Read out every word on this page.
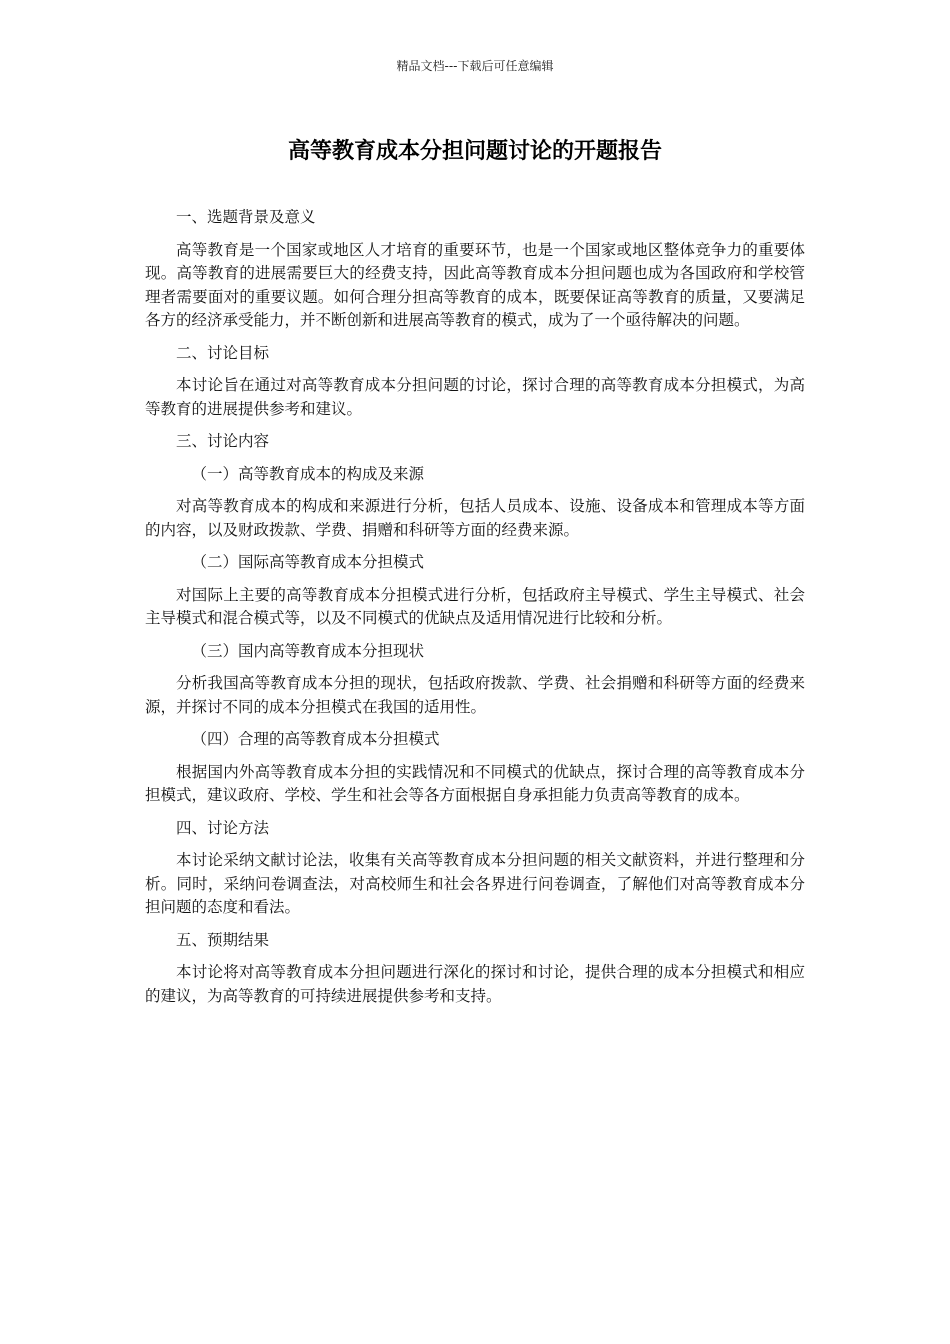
精品文档---下载后可任意编辑
高等教育成本分担问题讨论的开题报告

一、选题背景及意义

高等教育是一个国家或地区人才培育的重要环节，也是一个国家或地区整体竞争力的重要体现。高等教育的进展需要巨大的经费支持，因此高等教育成本分担问题也成为各国政府和学校管理者需要面对的重要议题。如何合理分担高等教育的成本，既要保证高等教育的质量，又要满足各方的经济承受能力，并不断创新和进展高等教育的模式，成为了一个亟待解决的问题。

二、讨论目标

本讨论旨在通过对高等教育成本分担问题的讨论，探讨合理的高等教育成本分担模式，为高等教育的进展提供参考和建议。

三、讨论内容

（一）高等教育成本的构成及来源

对高等教育成本的构成和来源进行分析，包括人员成本、设施、设备成本和管理成本等方面的内容，以及财政拨款、学费、捐赠和科研等方面的经费来源。

（二）国际高等教育成本分担模式

对国际上主要的高等教育成本分担模式进行分析，包括政府主导模式、学生主导模式、社会主导模式和混合模式等，以及不同模式的优缺点及适用情况进行比较和分析。

（三）国内高等教育成本分担现状

分析我国高等教育成本分担的现状，包括政府拨款、学费、社会捐赠和科研等方面的经费来源，并探讨不同的成本分担模式在我国的适用性。

（四）合理的高等教育成本分担模式

根据国内外高等教育成本分担的实践情况和不同模式的优缺点，探讨合理的高等教育成本分担模式，建议政府、学校、学生和社会等各方面根据自身承担能力负责高等教育的成本。

四、讨论方法

本讨论采纳文献讨论法，收集有关高等教育成本分担问题的相关文献资料，并进行整理和分析。同时，采纳问卷调查法，对高校师生和社会各界进行问卷调查，了解他们对高等教育成本分担问题的态度和看法。

五、预期结果

本讨论将对高等教育成本分担问题进行深化的探讨和讨论，提供合理的成本分担模式和相应的建议，为高等教育的可持续进展提供参考和支持。
